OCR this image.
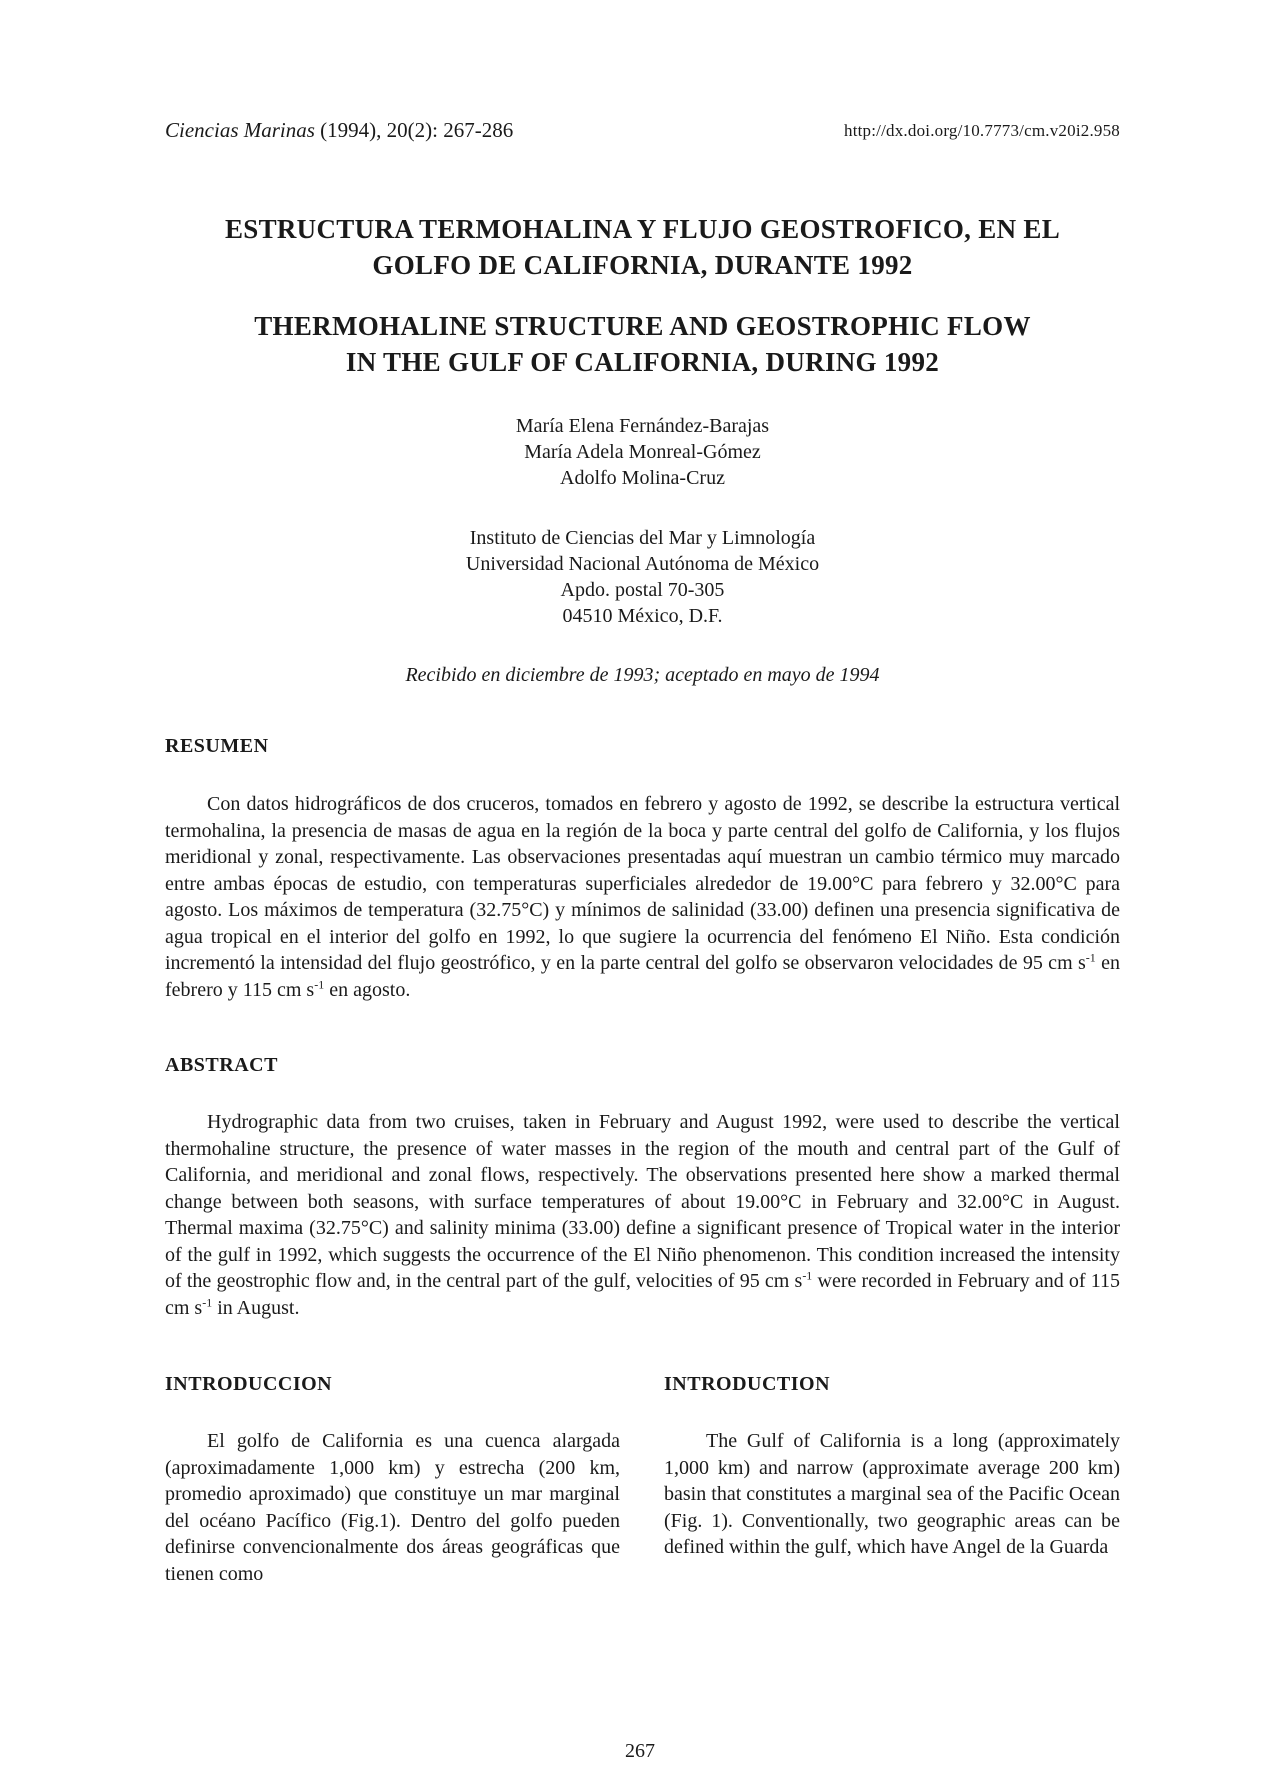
Ciencias Marinas (1994), 20(2): 267-286	http://dx.doi.org/10.7773/cm.v20i2.958
ESTRUCTURA TERMOHALINA Y FLUJO GEOSTROFICO, EN EL
GOLFO DE CALIFORNIA, DURANTE 1992
THERMOHALINE STRUCTURE AND GEOSTROPHIC FLOW
IN THE GULF OF CALIFORNIA, DURING 1992
María Elena Fernández-Barajas
María Adela Monreal-Gómez
Adolfo Molina-Cruz
Instituto de Ciencias del Mar y Limnología
Universidad Nacional Autónoma de México
Apdo. postal 70-305
04510 México, D.F.
Recibido en diciembre de 1993; aceptado en mayo de 1994
RESUMEN

Con datos hidrográficos de dos cruceros, tomados en febrero y agosto de 1992, se describe la estructura vertical termohalina, la presencia de masas de agua en la región de la boca y parte central del golfo de California, y los flujos meridional y zonal, respectivamente. Las observaciones presentadas aquí muestran un cambio térmico muy marcado entre ambas épocas de estudio, con temperaturas superficiales alrededor de 19.00°C para febrero y 32.00°C para agosto. Los máximos de temperatura (32.75°C) y mínimos de salinidad (33.00) definen una presencia significativa de agua tropical en el interior del golfo en 1992, lo que sugiere la ocurrencia del fenómeno El Niño. Esta condición incrementó la intensidad del flujo geostrófico, y en la parte central del golfo se observaron velocidades de 95 cm $s^{-1}$ en febrero y 115 cm $s^{-1}$ en agosto.

ABSTRACT

Hydrographic data from two cruises, taken in February and August 1992, were used to describe the vertical thermohaline structure, the presence of water masses in the region of the mouth and central part of the Gulf of California, and meridional and zonal flows, respectively. The observations presented here show a marked thermal change between both seasons, with surface temperatures of about 19.00°C in February and 32.00°C in August. Thermal maxima (32.75°C) and salinity minima (33.00) define a significant presence of Tropical water in the interior of the gulf in 1992, which suggests the occurrence of the El Niño phenomenon. This condition increased the intensity of the geostrophic flow and, in the central part of the gulf, velocities of 95 cm $s^{-1}$ were recorded in February and of 115 cm $s^{-1}$ in August.

INTRODUCCION

El golfo de California es una cuenca alargada (aproximadamente 1,000 km) y estrecha (200 km, promedio aproximado) que constituye un mar marginal del océano Pacífico (Fig.1). Dentro del golfo pueden definirse convencionalmente dos áreas geográficas que tienen como

INTRODUCTION

The Gulf of California is a long (approximately 1,000 km) and narrow (approximate average 200 km) basin that constitutes a marginal sea of the Pacific Ocean (Fig. 1). Conventionally, two geographic areas can be defined within the gulf, which have Angel de la Guarda

267
